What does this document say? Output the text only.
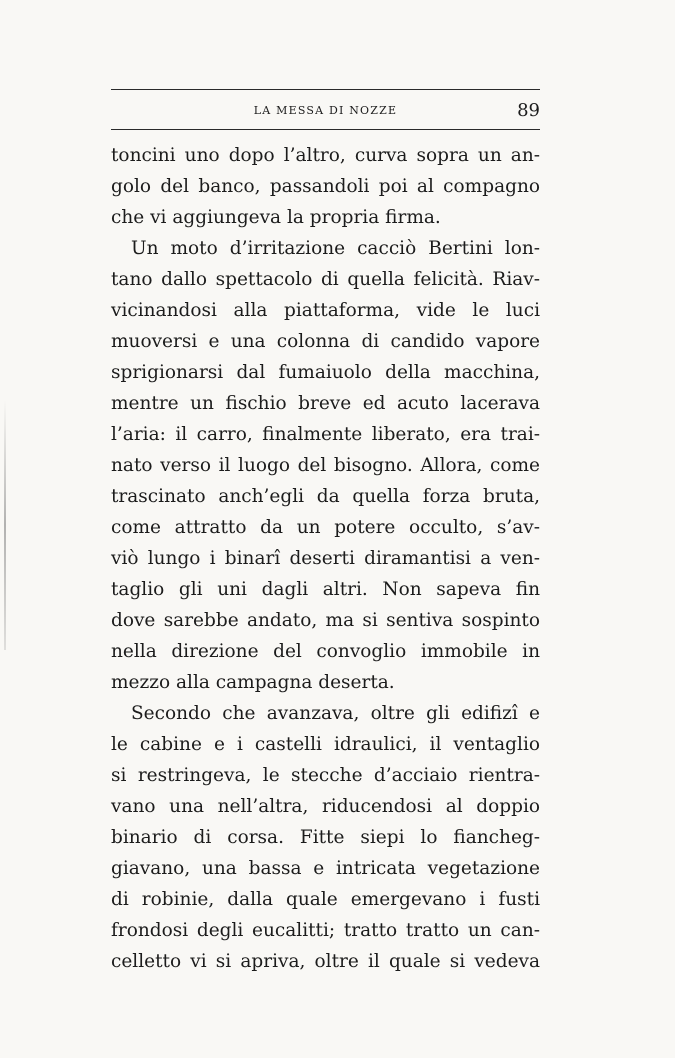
LA MESSA DI NOZZE	89
toncini uno dopo l’altro, curva sopra un an-
golo del banco, passandoli poi al compagno
che vi aggiungeva la propria firma.
Un moto d’irritazione cacciò Bertini lon-
tano dallo spettacolo di quella felicità. Riav-
vicinandosi alla piattaforma, vide le luci
muoversi e una colonna di candido vapore
sprigionarsi dal fumaiuolo della macchina,
mentre un fischio breve ed acuto lacerava
l’aria: il carro, finalmente liberato, era trai-
nato verso il luogo del bisogno. Allora, come
trascinato anch’egli da quella forza bruta,
come attratto da un potere occulto, s’av-
viò lungo i binarî deserti diramantisi a ven-
taglio gli uni dagli altri. Non sapeva fin
dove sarebbe andato, ma si sentiva sospinto
nella direzione del convoglio immobile in
mezzo alla campagna deserta.
Secondo che avanzava, oltre gli edifizî e
le cabine e i castelli idraulici, il ventaglio
si restringeva, le stecche d’acciaio rientra-
vano una nell’altra, riducendosi al doppio
binario di corsa. Fitte siepi lo fiancheg-
giavano, una bassa e intricata vegetazione
di robinie, dalla quale emergevano i fusti
frondosi degli eucalitti; tratto tratto un can-
celletto vi si apriva, oltre il quale si vedeva
